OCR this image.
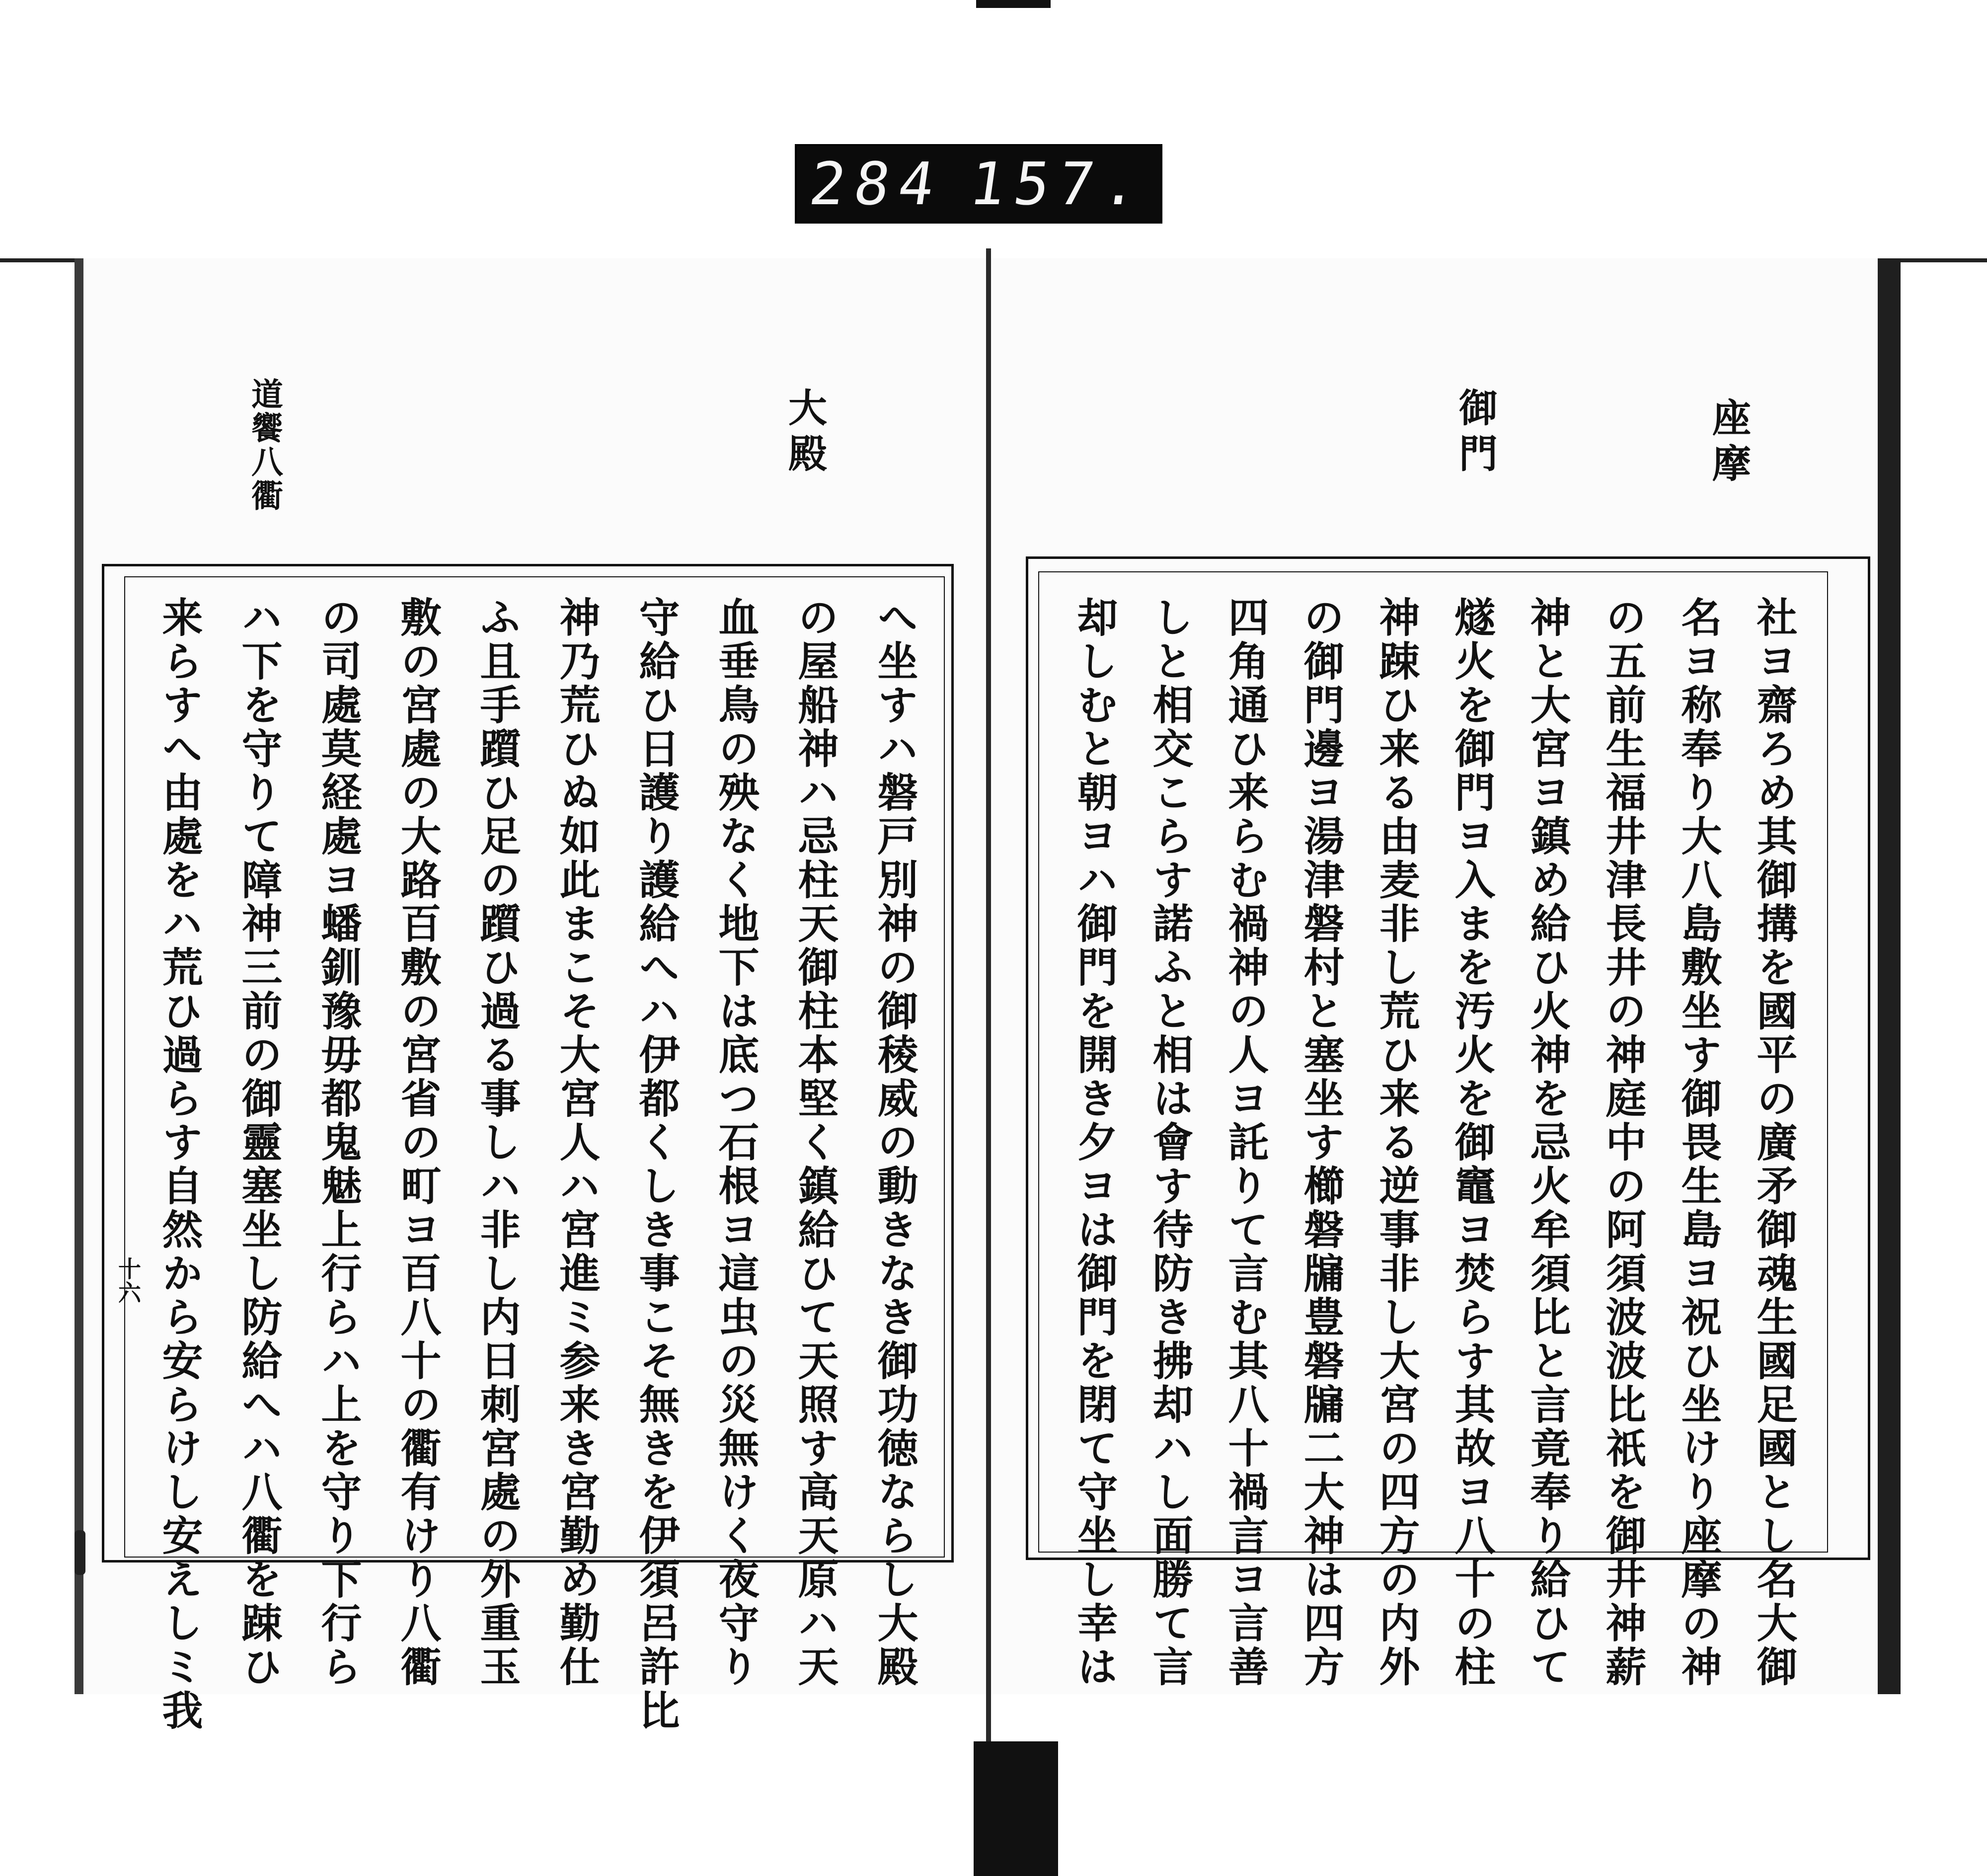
284 157.
大殿
道饗八衢
へ坐すハ磐戸別神の御稜威の動きなき御功徳ならし大殿
の屋船神ハ忌柱天御柱本堅く鎮給ひて天照す高天原ハ天
血垂鳥の殃なく地下は底つ石根ヨ這虫の災無けく夜守り
守給ひ日護り護給へハ伊都くしき事こそ無きを伊須呂許比
神乃荒ひぬ如此まこそ大宮人ハ宮進ミ参来き宮勤め勤仕
ふ且手躓ひ足の躓ひ過る事しハ非し内日刺宮處の外重玉
敷の宮處の大路百敷の宮省の町ヨ百八十の衢有けり八衢
の司處莫経處ヨ蟠釧豫毋都鬼魅上行らハ上を守り下行ら
ハ下を守りて障神三前の御靈塞坐し防給へハ八衢を踈ひ
来らすへ由處をハ荒ひ過らす自然から安らけし安えしミ我
十六
座摩
御門
社ヨ齋ろめ其御搆を國平の廣矛御魂生國足國とし名大御
名ヨ称奉り大八島敷坐す御畏生島ヨ祝ひ坐けり座摩の神
の五前生福井津長井の神庭中の阿須波波比祇を御井神薪
神と大宮ヨ鎮め給ひ火神を忌火牟須比と言竟奉り給ひて
燧火を御門ヨ入まを汚火を御竈ヨ焚らす其故ヨ八十の柱
神踈ひ来る由麦非し荒ひ来る逆事非し大宮の四方の内外
の御門邊ヨ湯津磐村と塞坐す櫛磐牖豊磐牖二大神は四方
四角通ひ来らむ禍神の人ヨ託りて言む其八十禍言ヨ言善
しと相交こらす諾ふと相は會す待防き拂却ハし面勝て言
却しむと朝ヨハ御門を開き夕ヨは御門を閉て守坐し幸は
